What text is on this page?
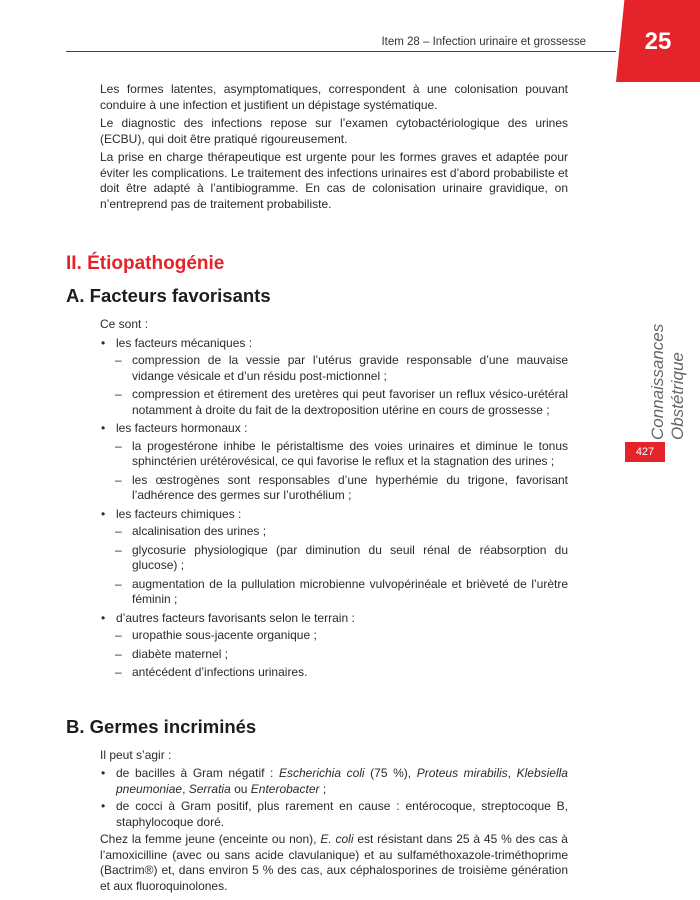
Item 28 – Infection urinaire et grossesse	25
Connaissances Obstétrique
427

Les formes latentes, asymptomatiques, correspondent à une colonisation pouvant conduire à une infection et justifient un dépistage systématique.

Le diagnostic des infections repose sur l’examen cytobactériologique des urines (ECBU), qui doit être pratiqué rigoureusement.

La prise en charge thérapeutique est urgente pour les formes graves et adaptée pour éviter les complications. Le traitement des infections urinaires est d’abord probabiliste et doit être adapté à l’antibiogramme. En cas de colonisation urinaire gravidique, on n’entreprend pas de traitement probabiliste.

II. Étiopathogénie
A. Facteurs favorisants
Ce sont :
• les facteurs mécaniques :
– compression de la vessie par l’utérus gravide responsable d’une mauvaise vidange vésicale et d’un résidu post-mictionnel ;
– compression et étirement des uretères qui peut favoriser un reflux vésico-urétéral notamment à droite du fait de la dextroposition utérine en cours de grossesse ;
• les facteurs hormonaux :
– la progestérone inhibe le péristaltisme des voies urinaires et diminue le tonus sphinctérien urétérovésical, ce qui favorise le reflux et la stagnation des urines ;
– les œstrogènes sont responsables d’une hyperhémie du trigone, favorisant l’adhérence des germes sur l’urothélium ;
• les facteurs chimiques :
– alcalinisation des urines ;
– glycosurie physiologique (par diminution du seuil rénal de réabsorption du glucose) ;
– augmentation de la pullulation microbienne vulvopérinéale et brièveté de l’urètre féminin ;
• d’autres facteurs favorisants selon le terrain :
– uropathie sous-jacente organique ;
– diabète maternel ;
– antécédent d’infections urinaires.
B. Germes incriminés
Il peut s’agir :
• de bacilles à Gram négatif : Escherichia coli (75 %), Proteus mirabilis, Klebsiella pneumoniae, Serratia ou Enterobacter ;
• de cocci à Gram positif, plus rarement en cause : entérocoque, streptocoque B, staphylocoque doré.

Chez la femme jeune (enceinte ou non), E. coli est résistant dans 25 à 45 % des cas à l’amoxicilline (avec ou sans acide clavulanique) et au sulfaméthoxazole-triméthoprime (Bactrim®) et, dans environ 5 % des cas, aux céphalosporines de troisième génération et aux fluoroquinolones.
